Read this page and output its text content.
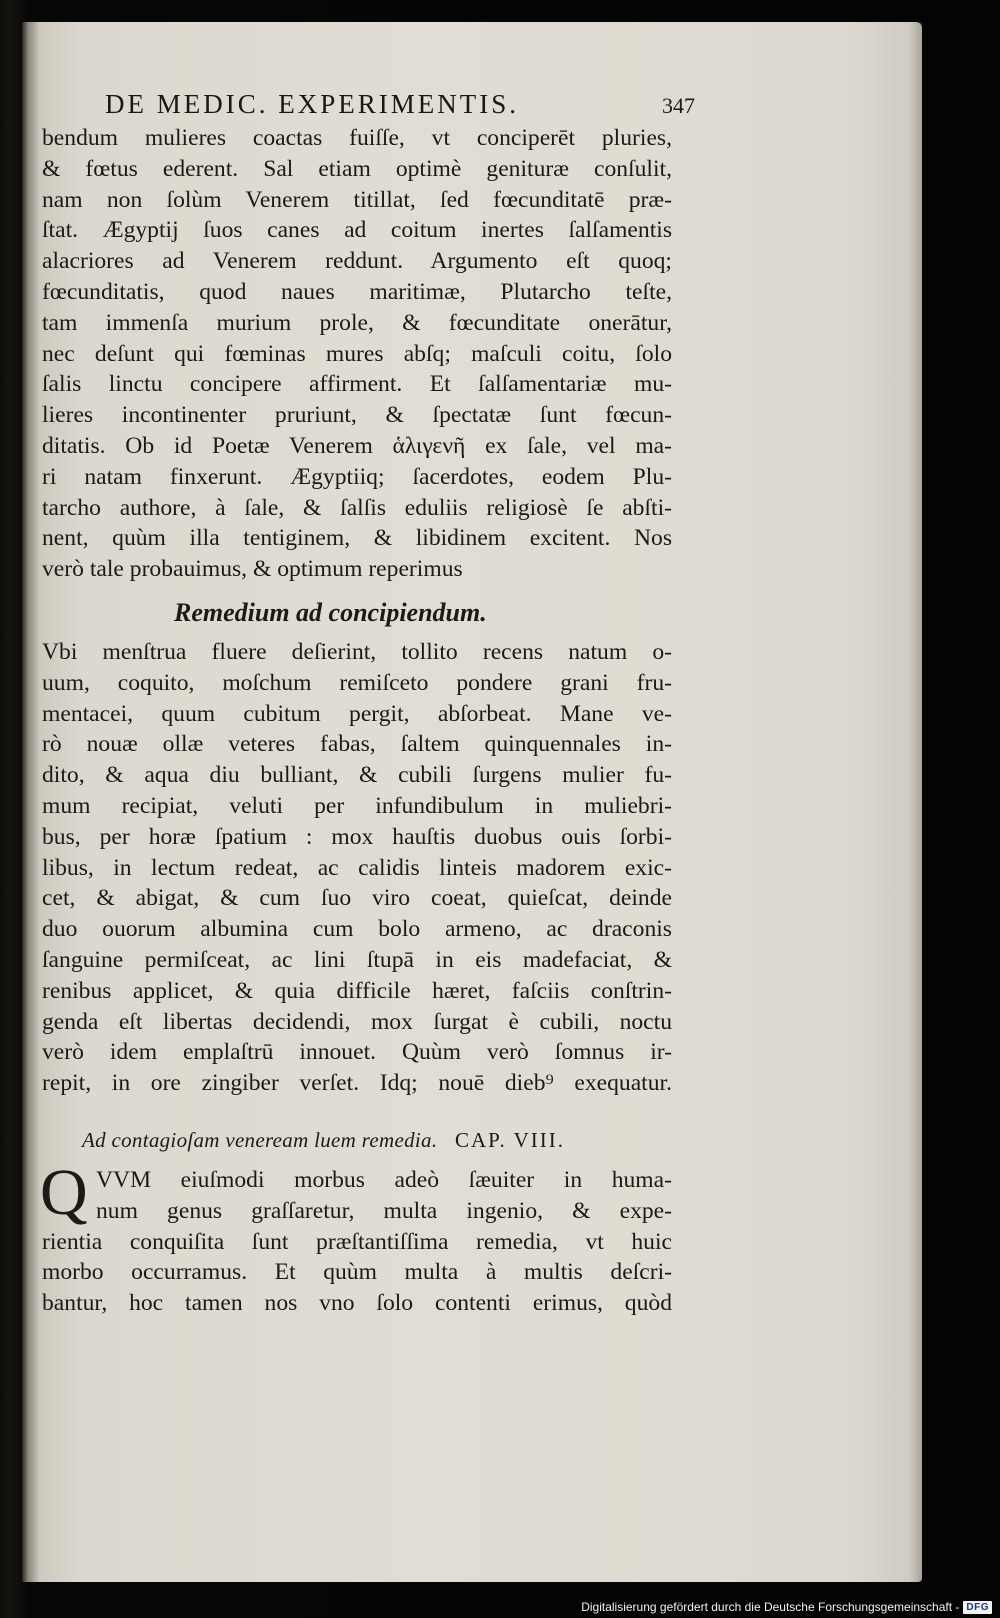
DE MEDIC. EXPERIMENTIS.	347
bendum mulieres coactas fuiſſe, vt conciperēt pluries,
& fœtus ederent. Sal etiam optimè genituræ conſulit,
nam non ſolùm Venerem titillat, ſed fœcunditatē præ-
ſtat. Ægyptij ſuos canes ad coitum inertes ſalſamentis
alacriores ad Venerem reddunt. Argumento eſt quoq;
fœcunditatis, quod naues maritimæ, Plutarcho teſte,
tam immenſa murium prole, & fœcunditate onerātur,
nec deſunt qui fœminas mures abſq; maſculi coitu, ſolo
ſalis linctu concipere affirment. Et ſalſamentariæ mu-
lieres incontinenter pruriunt, & ſpectatæ ſunt fœcun-
ditatis. Ob id Poetæ Venerem ἁλιγενῆ ex ſale, vel ma-
ri natam finxerunt. Ægyptiiq; ſacerdotes, eodem Plu-
tarcho authore, à ſale, & ſalſis eduliis religiosè ſe abſti-
nent, quùm illa tentiginem, & libidinem excitent. Nos
verò tale probauimus, & optimum reperimus
Remedium ad concipiendum.
Vbi menſtrua fluere deſierint, tollito recens natum o-
uum, coquito, moſchum remiſceto pondere grani fru-
mentacei, quum cubitum pergit, abſorbeat. Mane ve-
rò nouæ ollæ veteres fabas, ſaltem quinquennales in-
dito, & aqua diu bulliant, & cubili ſurgens mulier fu-
mum recipiat, veluti per infundibulum in muliebri-
bus, per horæ ſpatium : mox hauſtis duobus ouis ſorbi-
libus, in lectum redeat, ac calidis linteis madorem exic-
cet, & abigat, & cum ſuo viro coeat, quieſcat, deinde
duo ouorum albumina cum bolo armeno, ac draconis
ſanguine permiſceat, ac lini ſtupā in eis madefaciat, &
renibus applicet, & quia difficile hæret, faſciis conſtrin-
genda eſt libertas decidendi, mox ſurgat è cubili, noctu
verò idem emplaſtrū innouet. Quùm verò ſomnus ir-
repit, in ore zingiber verſet. Idq; nouē dieb⁹ exequatur.
Ad contagioſam veneream luem remedia. CAP. VIII.
Q VVM eiuſmodi morbus adeò ſæuiter in huma-
num genus graſſaretur, multa ingenio, & expe-
rientia conquiſita ſunt præſtantiſſima remedia, vt huic
morbo occurramus. Et quùm multa à multis deſcri-
bantur, hoc tamen nos vno ſolo contenti erimus, quòd
Digitalisierung gefördert durch die Deutsche Forschungsgemeinschaft - DFG
